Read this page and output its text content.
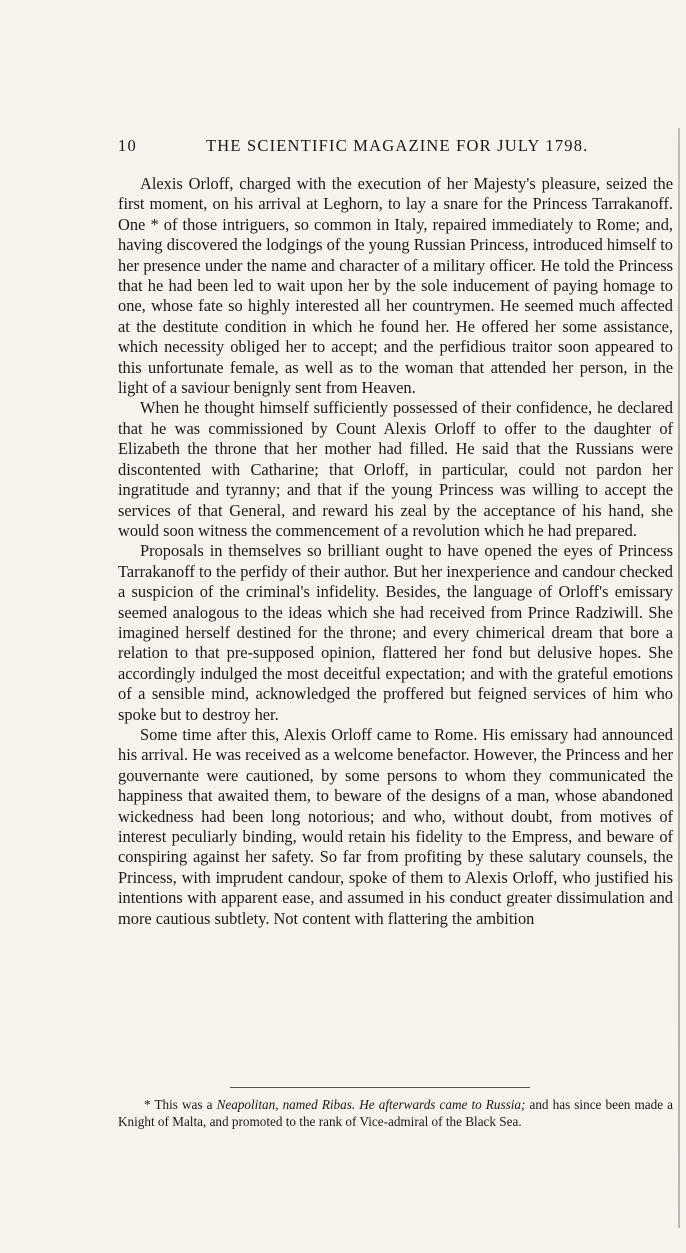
10	THE SCIENTIFIC MAGAZINE FOR JULY 1798.

Alexis Orloff, charged with the execution of her Majesty's pleasure, seized the first moment, on his arrival at Leghorn, to lay a snare for the Princess Tarrakanoff. One * of those intriguers, so common in Italy, repaired immediately to Rome; and, having discovered the lodgings of the young Russian Princess, introduced himself to her presence under the name and character of a military officer. He told the Princess that he had been led to wait upon her by the sole inducement of paying homage to one, whose fate so highly interested all her countrymen. He seemed much affected at the destitute condition in which he found her. He offered her some assistance, which necessity obliged her to accept; and the perfidious traitor soon appeared to this unfortunate female, as well as to the woman that attended her person, in the light of a saviour benignly sent from Heaven.

When he thought himself sufficiently possessed of their confidence, he declared that he was commissioned by Count Alexis Orloff to offer to the daughter of Elizabeth the throne that her mother had filled. He said that the Russians were discontented with Catharine; that Orloff, in particular, could not pardon her ingratitude and tyranny; and that if the young Princess was willing to accept the services of that General, and reward his zeal by the acceptance of his hand, she would soon witness the commencement of a revolution which he had prepared.

Proposals in themselves so brilliant ought to have opened the eyes of Princess Tarrakanoff to the perfidy of their author. But her inexperience and candour checked a suspicion of the criminal's infidelity. Besides, the language of Orloff's emissary seemed analogous to the ideas which she had received from Prince Radziwill. She imagined herself destined for the throne; and every chimerical dream that bore a relation to that pre-supposed opinion, flattered her fond but delusive hopes. She accordingly indulged the most deceitful expectation; and with the grateful emotions of a sensible mind, acknowledged the proffered but feigned services of him who spoke but to destroy her.

Some time after this, Alexis Orloff came to Rome. His emissary had announced his arrival. He was received as a welcome benefactor. However, the Princess and her gouvernante were cautioned, by some persons to whom they communicated the happiness that awaited them, to beware of the designs of a man, whose abandoned wickedness had been long notorious; and who, without doubt, from motives of interest peculiarly binding, would retain his fidelity to the Empress, and beware of conspiring against her safety. So far from profiting by these salutary counsels, the Princess, with imprudent candour, spoke of them to Alexis Orloff, who justified his intentions with apparent ease, and assumed in his conduct greater dissimulation and more cautious subtlety. Not content with flattering the ambition

* This was a Neapolitan, named Ribas. He afterwards came to Russia; and has since been made a Knight of Malta, and promoted to the rank of Vice-admiral of the Black Sea.
